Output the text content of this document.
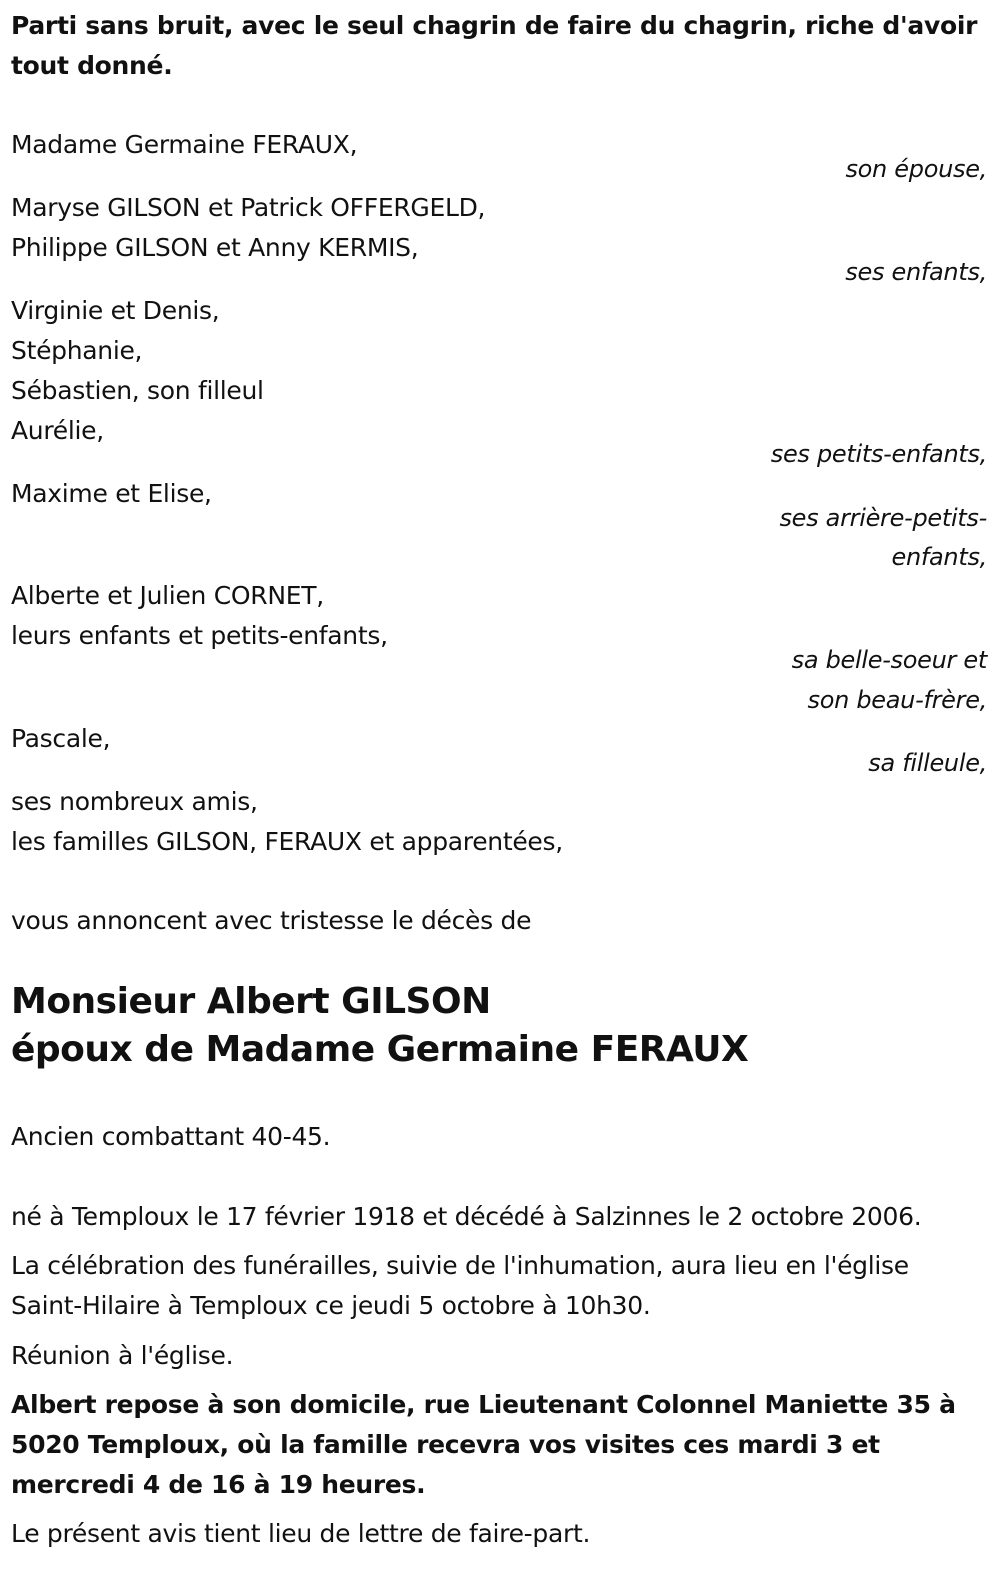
Parti sans bruit, avec le seul chagrin de faire du chagrin, riche d'avoir
tout donné.
Madame Germaine FERAUX,
son épouse,
Maryse GILSON et Patrick OFFERGELD,
Philippe GILSON et Anny KERMIS,
ses enfants,
Virginie et Denis,
Stéphanie,
Sébastien, son filleul
Aurélie,
ses petits-enfants,
Maxime et Elise,
ses arrière-petits-
enfants,
Alberte et Julien CORNET,
leurs enfants et petits-enfants,
sa belle-soeur et
son beau-frère,
Pascale,
sa filleule,
ses nombreux amis,
les familles GILSON, FERAUX et apparentées,
vous annoncent avec tristesse le décès de
Monsieur Albert GILSON
époux de Madame Germaine FERAUX
Ancien combattant 40-45.
né à Temploux le 17 février 1918 et décédé à Salzinnes le 2 octobre 2006.
La célébration des funérailles, suivie de l'inhumation, aura lieu en l'église
Saint-Hilaire à Temploux ce jeudi 5 octobre à 10h30.
Réunion à l'église.
Albert repose à son domicile, rue Lieutenant Colonnel Maniette 35 à
5020 Temploux, où la famille recevra vos visites ces mardi 3 et
mercredi 4 de 16 à 19 heures.
Le présent avis tient lieu de lettre de faire-part.
